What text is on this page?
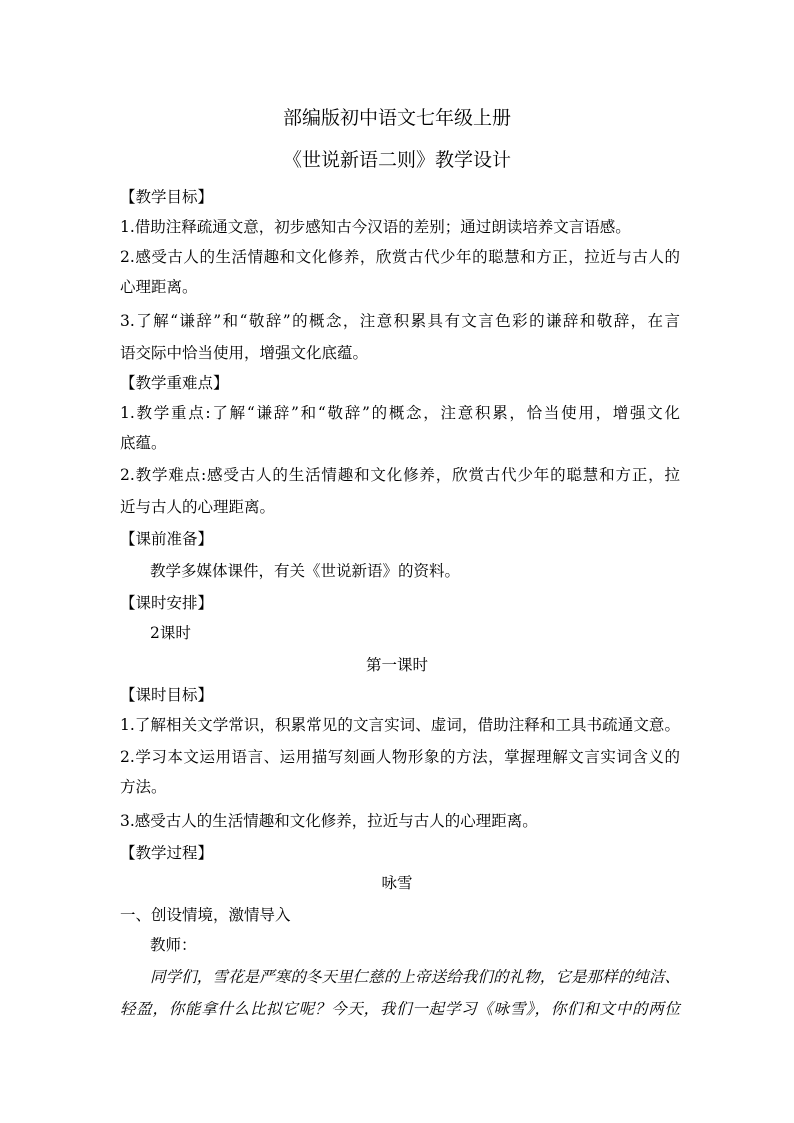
部编版初中语文七年级上册
《世说新语二则》教学设计
【教学目标】
1.借助注释疏通文意，初步感知古今汉语的差别；通过朗读培养文言语感。
2.感受古人的生活情趣和文化修养，欣赏古代少年的聪慧和方正，拉近与古人的
心理距离。
3.了解“谦辞”和“敬辞”的概念，注意积累具有文言色彩的谦辞和敬辞，在言
语交际中恰当使用，增强文化底蕴。
【教学重难点】
1.教学重点:了解“谦辞”和“敬辞”的概念，注意积累，恰当使用，增强文化
底蕴。
2.教学难点:感受古人的生活情趣和文化修养，欣赏古代少年的聪慧和方正，拉
近与古人的心理距离。
【课前准备】
教学多媒体课件，有关《世说新语》的资料。
【课时安排】
2课时
第一课时
【课时目标】
1.了解相关文学常识，积累常见的文言实词、虚词，借助注释和工具书疏通文意。
2.学习本文运用语言、运用描写刻画人物形象的方法，掌握理解文言实词含义的
方法。
3.感受古人的生活情趣和文化修养，拉近与古人的心理距离。
【教学过程】
咏雪
一、创设情境，激情导入
教师：
同学们，雪花是严寒的冬天里仁慈的上帝送给我们的礼物，它是那样的纯洁、
轻盈，你能拿什么比拟它呢？今天，我们一起学习《咏雪》，你们和文中的两位
